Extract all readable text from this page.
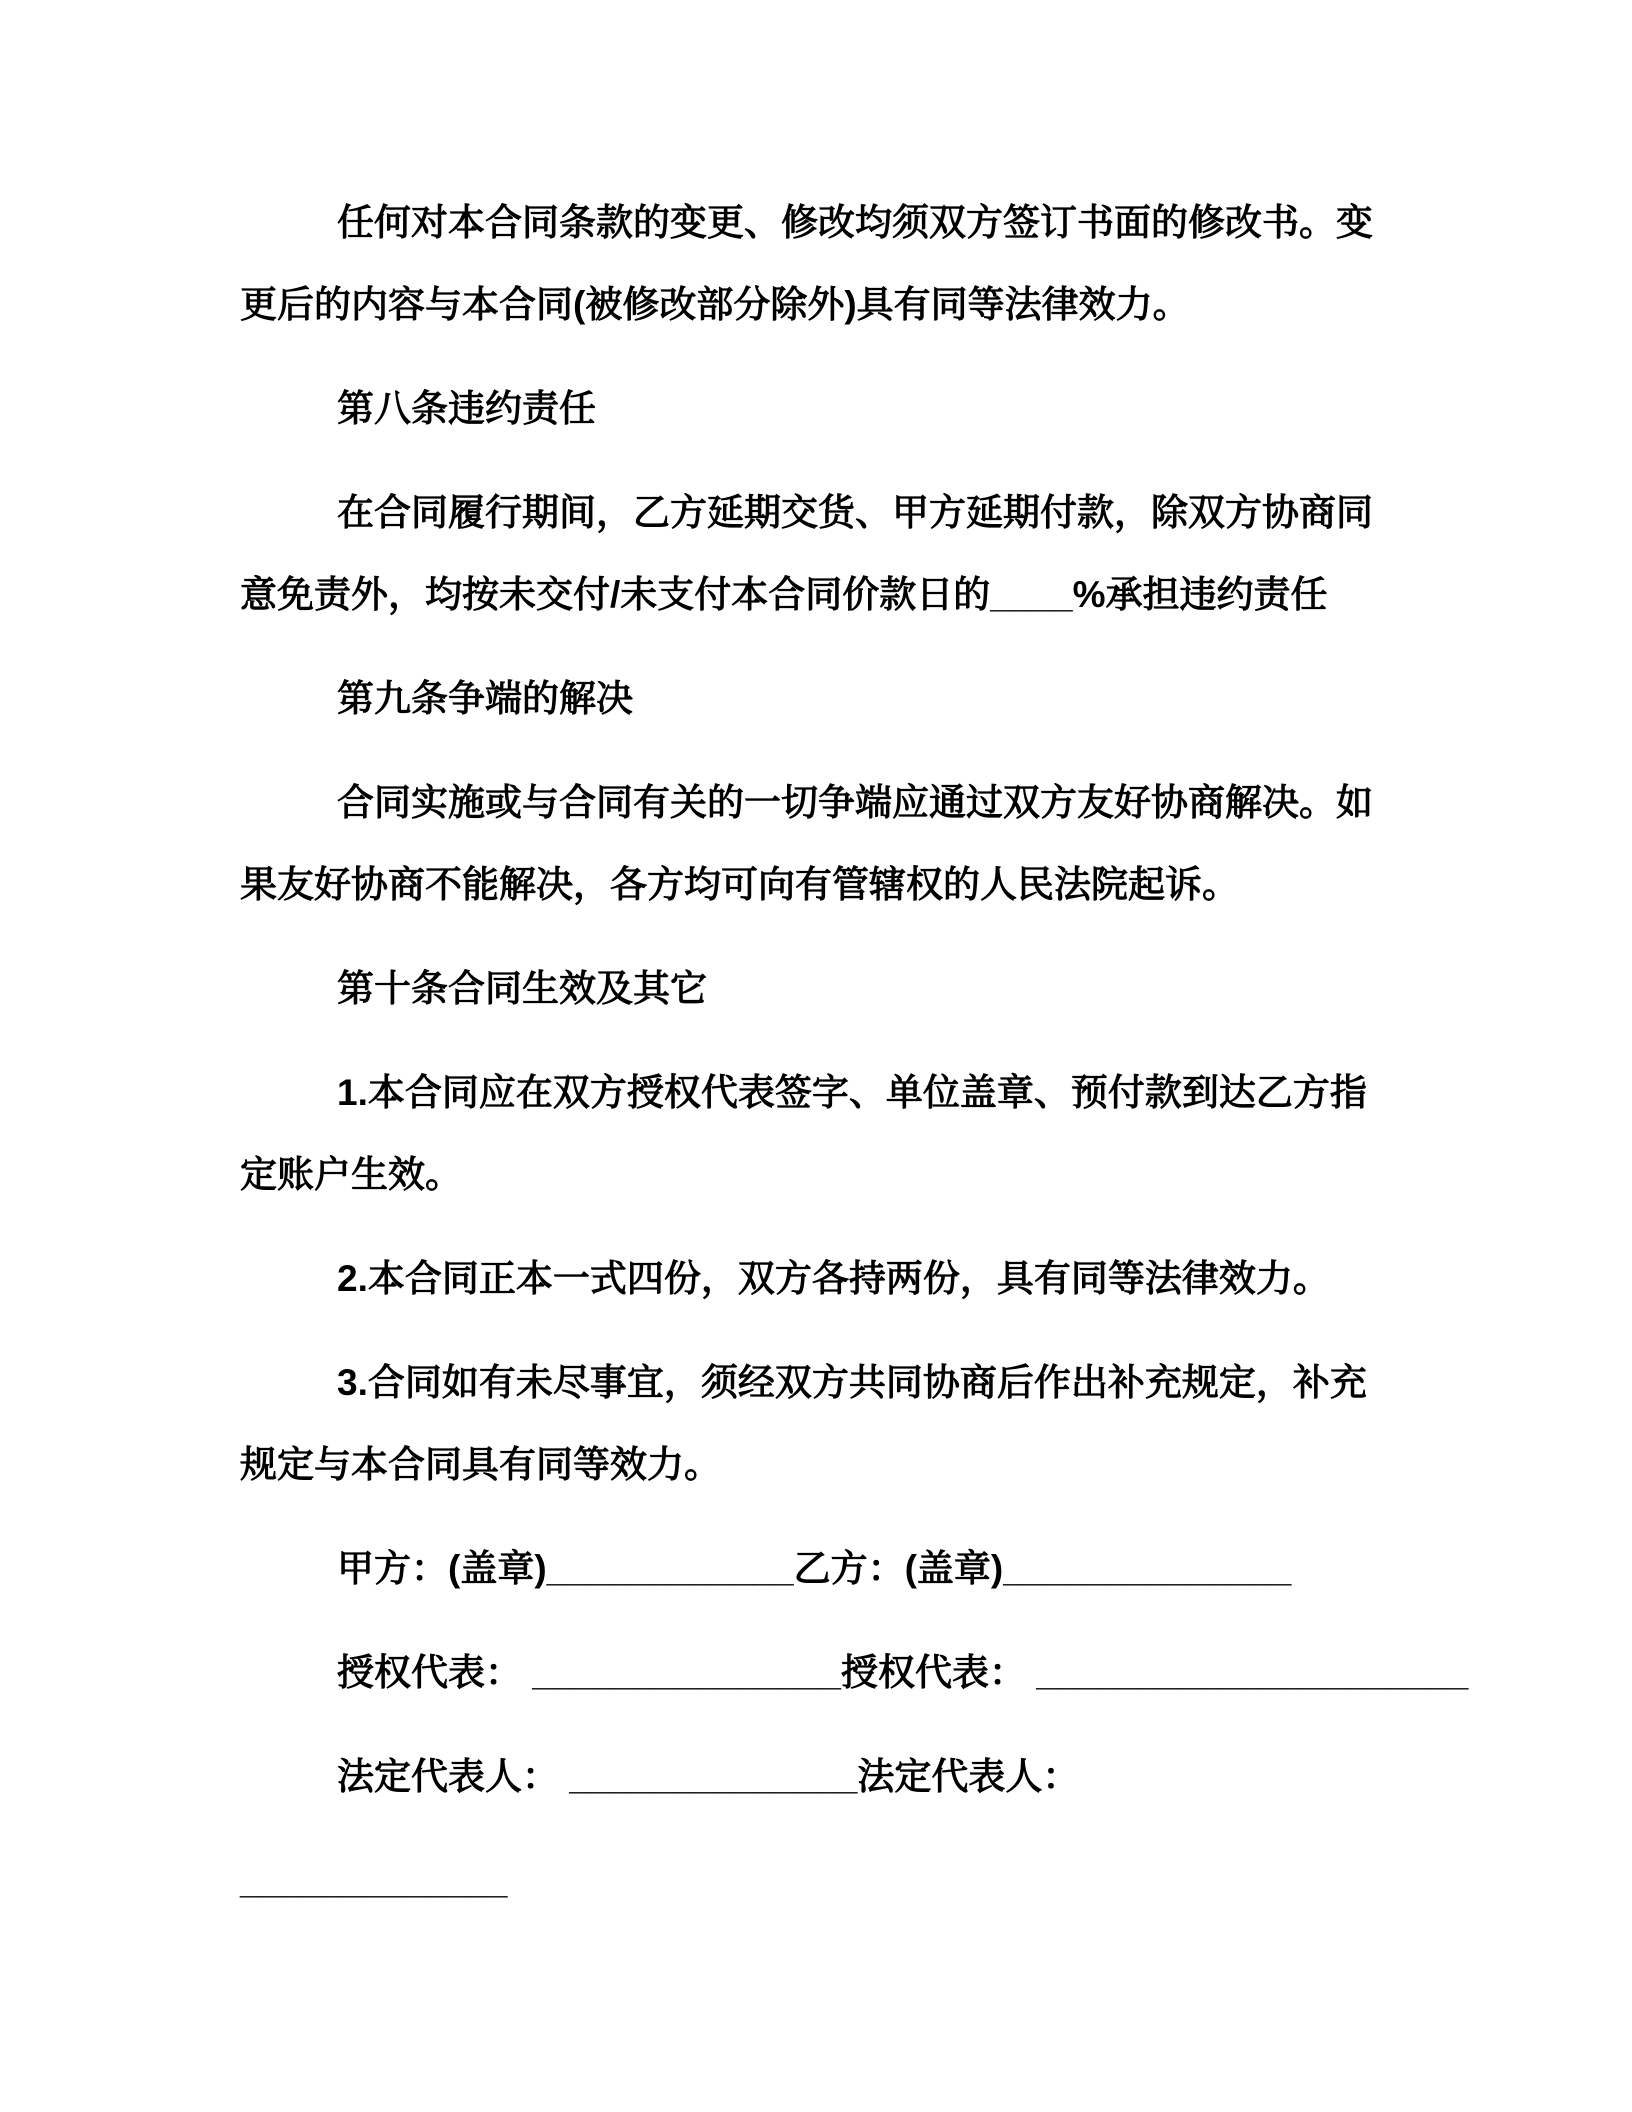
任何对本合同条款的变更、修改均须双方签订书面的修改书。变

更后的内容与本合同(被修改部分除外)具有同等法律效力。

第八条违约责任

在合同履行期间，乙方延期交货、甲方延期付款，除双方协商同

意免责外，均按未交付/未支付本合同价款日的____%承担违约责任

第九条争端的解决

合同实施或与合同有关的一切争端应通过双方友好协商解决。如

果友好协商不能解决，各方均可向有管辖权的人民法院起诉。

第十条合同生效及其它

1.本合同应在双方授权代表签字、单位盖章、预付款到达乙方指

定账户生效。

2.本合同正本一式四份，双方各持两份，具有同等法律效力。

3.合同如有未尽事宜，须经双方共同协商后作出补充规定，补充

规定与本合同具有同等效力。

甲方：(盖章)____________乙方：(盖章)______________

授权代表： _______________授权代表： _____________________

法定代表人： ______________法定代表人：

_____________
